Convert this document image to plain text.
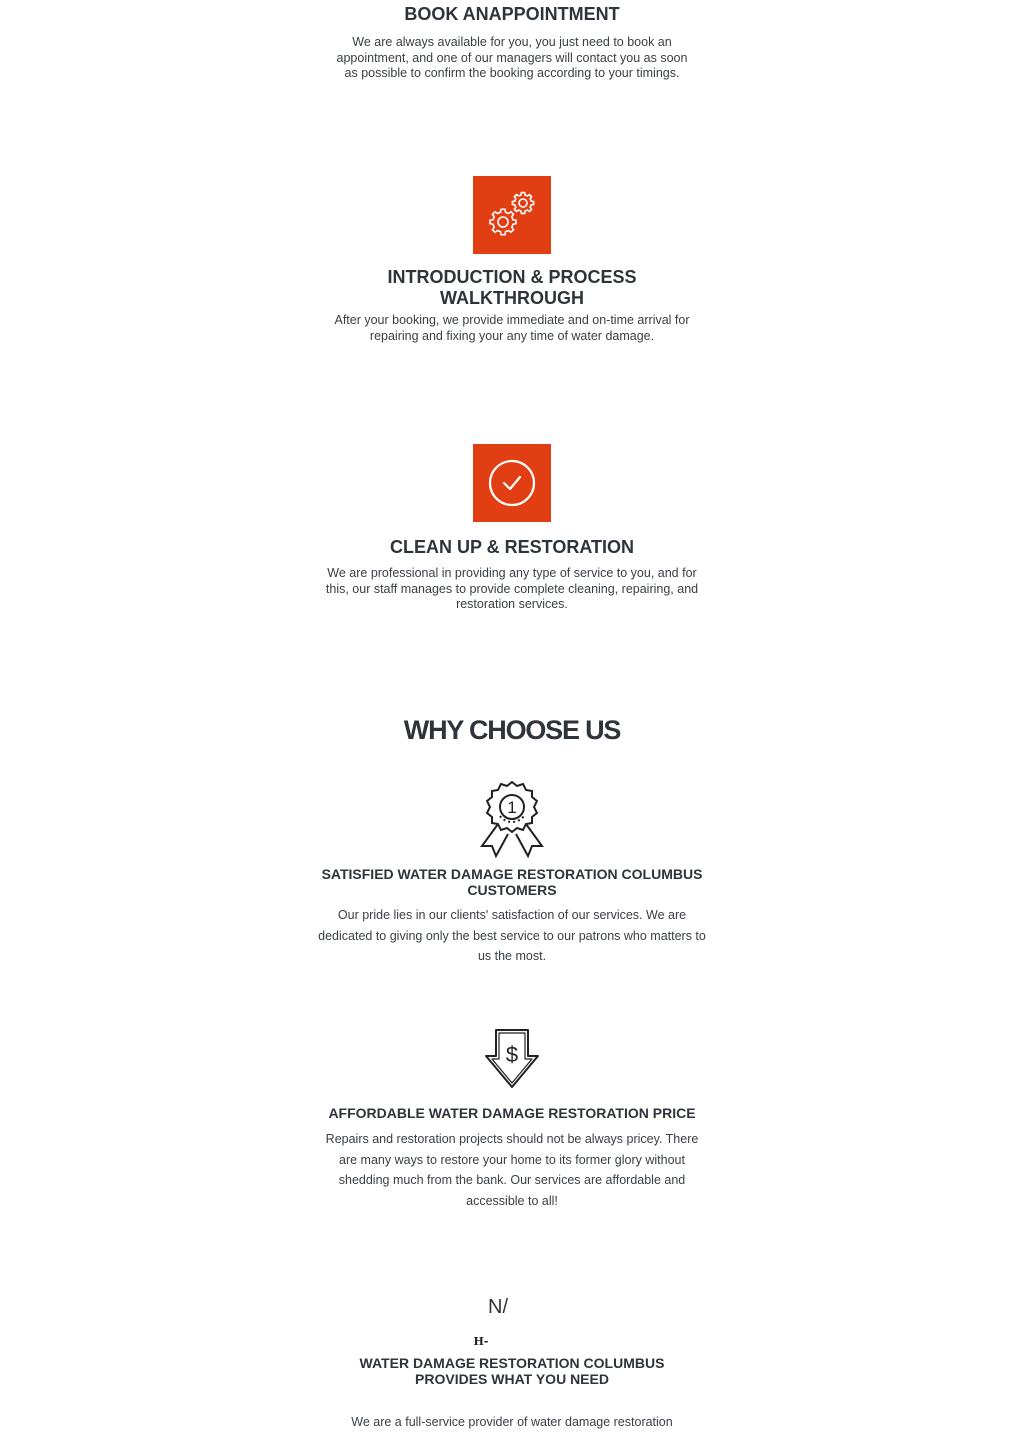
BOOK ANAPPOINTMENT

We are always available for you, you just need to book an

appointment, and one of our managers will contact you as soon

as possible to confirm the booking according to your timings.

INTRODUCTION & PROCESS
WALKTHROUGH

After your booking, we provide immediate and on-time arrival for

repairing and fixing your any time of water damage.

CLEAN UP & RESTORATION

We are professional in providing any type of service to you, and for

this, our staff manages to provide complete cleaning, repairing, and

restoration services.

WHY CHOOSE US
1
SATISFIED WATER DAMAGE RESTORATION COLUMBUS
CUSTOMERS

Our pride lies in our clients' satisfaction of our services. We are

dedicated to giving only the best service to our patrons who matters to

us the most.

$
AFFORDABLE WATER DAMAGE RESTORATION PRICE

Repairs and restoration projects should not be always pricey. There

are many ways to restore your home to its former glory without

shedding much from the bank. Our services are affordable and

accessible to all!

N/
H-
WATER DAMAGE RESTORATION COLUMBUS
PROVIDES WHAT YOU NEED

We are a full-service provider of water damage restoration
